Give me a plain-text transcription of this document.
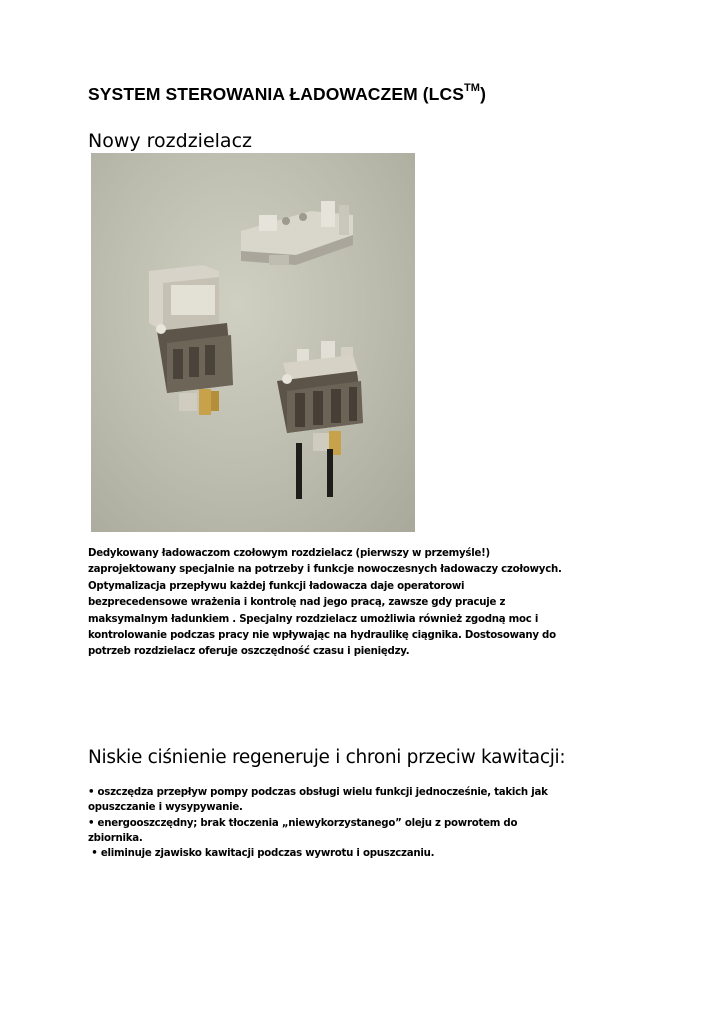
SYSTEM STEROWANIA ŁADOWACZEM (LCS™)
Nowy rozdzielacz
Dedykowany ładowaczom czołowym rozdzielacz (pierwszy w przemyśle!)
zaprojektowany specjalnie na potrzeby i funkcje nowoczesnych ładowaczy czołowych.
Optymalizacja przepływu każdej funkcji ładowacza daje operatorowi
bezprecedensowe wrażenia i kontrolę nad jego pracą, zawsze gdy pracuje z
maksymalnym ładunkiem . Specjalny rozdzielacz umożliwia również zgodną moc i
kontrolowanie podczas pracy nie wpływając na hydraulikę ciągnika. Dostosowany do
potrzeb rozdzielacz oferuje oszczędność czasu i pieniędzy.
Niskie ciśnienie regeneruje i chroni przeciw kawitacji:
• oszczędza przepływ pompy podczas obsługi wielu funkcji jednocześnie, takich jak
opuszczanie i wysypywanie.
• energooszczędny; brak tłoczenia „niewykorzystanego” oleju z powrotem do
zbiornika.
• eliminuje zjawisko kawitacji podczas wywrotu i opuszczaniu.
